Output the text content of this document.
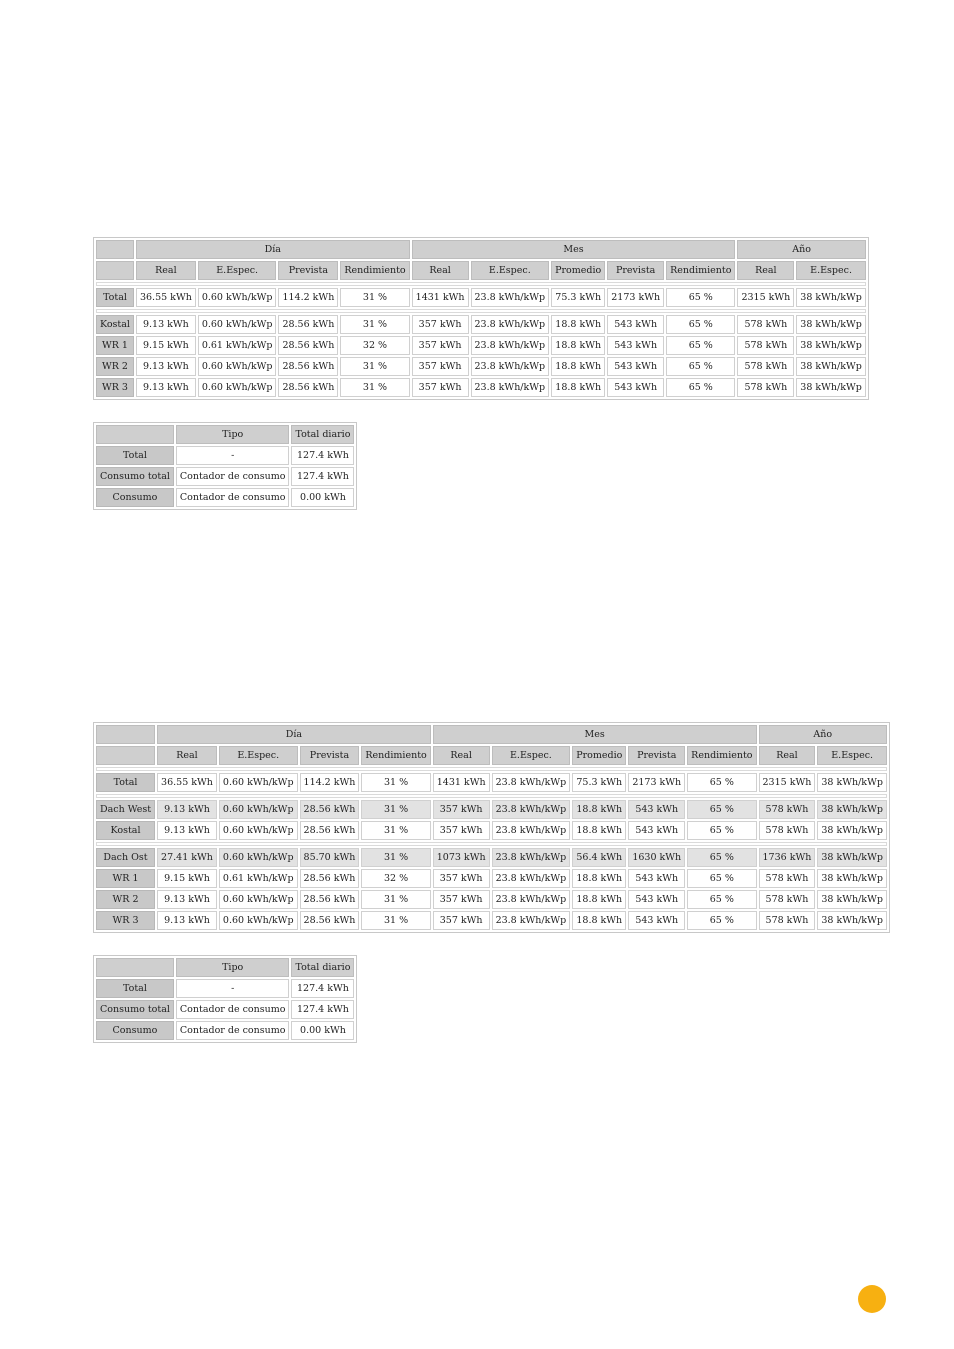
	Día				Mes					Año	
	Real	E.Espec.	Prevista	Rendimiento	Real	E.Espec.	Promedio	Prevista	Rendimiento	Real	E.Espec.

Total	36.55 kWh	0.60 kWh/kWp	114.2 kWh	31 %	1431 kWh	23.8 kWh/kWp	75.3 kWh	2173 kWh	65 %	2315 kWh	38 kWh/kWp

Kostal	9.13 kWh	0.60 kWh/kWp	28.56 kWh	31 %	357 kWh	23.8 kWh/kWp	18.8 kWh	543 kWh	65 %	578 kWh	38 kWh/kWp
WR 1	9.15 kWh	0.61 kWh/kWp	28.56 kWh	32 %	357 kWh	23.8 kWh/kWp	18.8 kWh	543 kWh	65 %	578 kWh	38 kWh/kWp
WR 2	9.13 kWh	0.60 kWh/kWp	28.56 kWh	31 %	357 kWh	23.8 kWh/kWp	18.8 kWh	543 kWh	65 %	578 kWh	38 kWh/kWp
WR 3	9.13 kWh	0.60 kWh/kWp	28.56 kWh	31 %	357 kWh	23.8 kWh/kWp	18.8 kWh	543 kWh	65 %	578 kWh	38 kWh/kWp
	Tipo	Total diario
Total	-	127.4 kWh
Consumo total	Contador de consumo	127.4 kWh
Consumo	Contador de consumo	0.00 kWh
	Día				Mes					Año	
	Real	E.Espec.	Prevista	Rendimiento	Real	E.Espec.	Promedio	Prevista	Rendimiento	Real	E.Espec.

Total	36.55 kWh	0.60 kWh/kWp	114.2 kWh	31 %	1431 kWh	23.8 kWh/kWp	75.3 kWh	2173 kWh	65 %	2315 kWh	38 kWh/kWp

Dach West	9.13 kWh	0.60 kWh/kWp	28.56 kWh	31 %	357 kWh	23.8 kWh/kWp	18.8 kWh	543 kWh	65 %	578 kWh	38 kWh/kWp
Kostal	9.13 kWh	0.60 kWh/kWp	28.56 kWh	31 %	357 kWh	23.8 kWh/kWp	18.8 kWh	543 kWh	65 %	578 kWh	38 kWh/kWp

Dach Ost	27.41 kWh	0.60 kWh/kWp	85.70 kWh	31 %	1073 kWh	23.8 kWh/kWp	56.4 kWh	1630 kWh	65 %	1736 kWh	38 kWh/kWp
WR 1	9.15 kWh	0.61 kWh/kWp	28.56 kWh	32 %	357 kWh	23.8 kWh/kWp	18.8 kWh	543 kWh	65 %	578 kWh	38 kWh/kWp
WR 2	9.13 kWh	0.60 kWh/kWp	28.56 kWh	31 %	357 kWh	23.8 kWh/kWp	18.8 kWh	543 kWh	65 %	578 kWh	38 kWh/kWp
WR 3	9.13 kWh	0.60 kWh/kWp	28.56 kWh	31 %	357 kWh	23.8 kWh/kWp	18.8 kWh	543 kWh	65 %	578 kWh	38 kWh/kWp
	Tipo	Total diario
Total	-	127.4 kWh
Consumo total	Contador de consumo	127.4 kWh
Consumo	Contador de consumo	0.00 kWh
